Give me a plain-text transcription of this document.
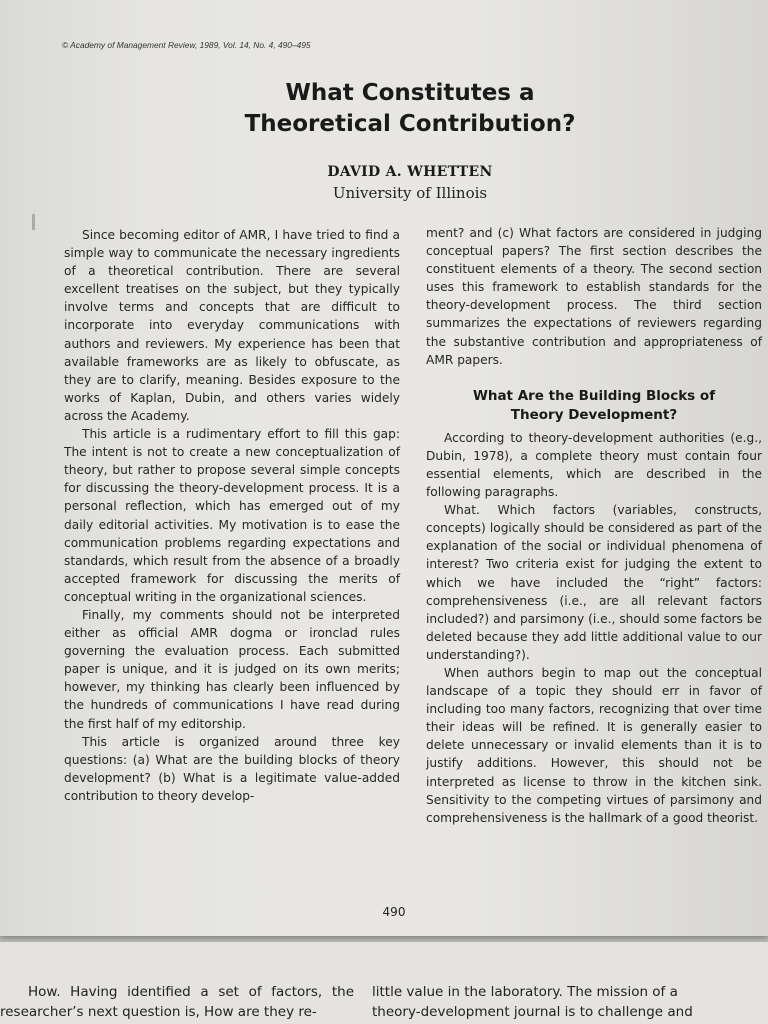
© Academy of Management Review, 1989, Vol. 14, No. 4, 490–495
What Constitutes a
Theoretical Contribution?
DAVID A. WHETTEN
University of Illinois

Since becoming editor of AMR, I have tried to find a simple way to communicate the necessary ingredients of a theoretical contribution. There are several excellent treatises on the subject, but they typically involve terms and concepts that are difficult to incorporate into everyday communications with authors and reviewers. My experience has been that available frameworks are as likely to obfuscate, as they are to clarify, meaning. Besides exposure to the works of Kaplan, Dubin, and others varies widely across the Academy.

This article is a rudimentary effort to fill this gap: The intent is not to create a new conceptualization of theory, but rather to propose several simple concepts for discussing the theory-development process. It is a personal reflection, which has emerged out of my daily editorial activities. My motivation is to ease the communication problems regarding expectations and standards, which result from the absence of a broadly accepted framework for discussing the merits of conceptual writing in the organizational sciences.

Finally, my comments should not be interpreted either as official AMR dogma or ironclad rules governing the evaluation process. Each submitted paper is unique, and it is judged on its own merits; however, my thinking has clearly been influenced by the hundreds of communications I have read during the first half of my editorship.

This article is organized around three key questions: (a) What are the building blocks of theory development? (b) What is a legitimate value-added contribution to theory develop-

ment? and (c) What factors are considered in judging conceptual papers? The first section describes the constituent elements of a theory. The second section uses this framework to establish standards for the theory-development process. The third section summarizes the expectations of reviewers regarding the substantive contribution and appropriateness of AMR papers.

What Are the Building Blocks of
Theory Development?

According to theory-development authorities (e.g., Dubin, 1978), a complete theory must contain four essential elements, which are described in the following paragraphs.

What. Which factors (variables, constructs, concepts) logically should be considered as part of the explanation of the social or individual phenomena of interest? Two criteria exist for judging the extent to which we have included the “right” factors: comprehensiveness (i.e., are all relevant factors included?) and parsimony (i.e., should some factors be deleted because they add little additional value to our understanding?).

When authors begin to map out the conceptual landscape of a topic they should err in favor of including too many factors, recognizing that over time their ideas will be refined. It is generally easier to delete unnecessary or invalid elements than it is to justify additions. However, this should not be interpreted as license to throw in the kitchen sink. Sensitivity to the competing virtues of parsimony and comprehensiveness is the hallmark of a good theorist.

490
How. Having identified a set of factors, the researcher’s next question is, How are they re-
little value in the laboratory. The mission of a theory-development journal is to challenge and
